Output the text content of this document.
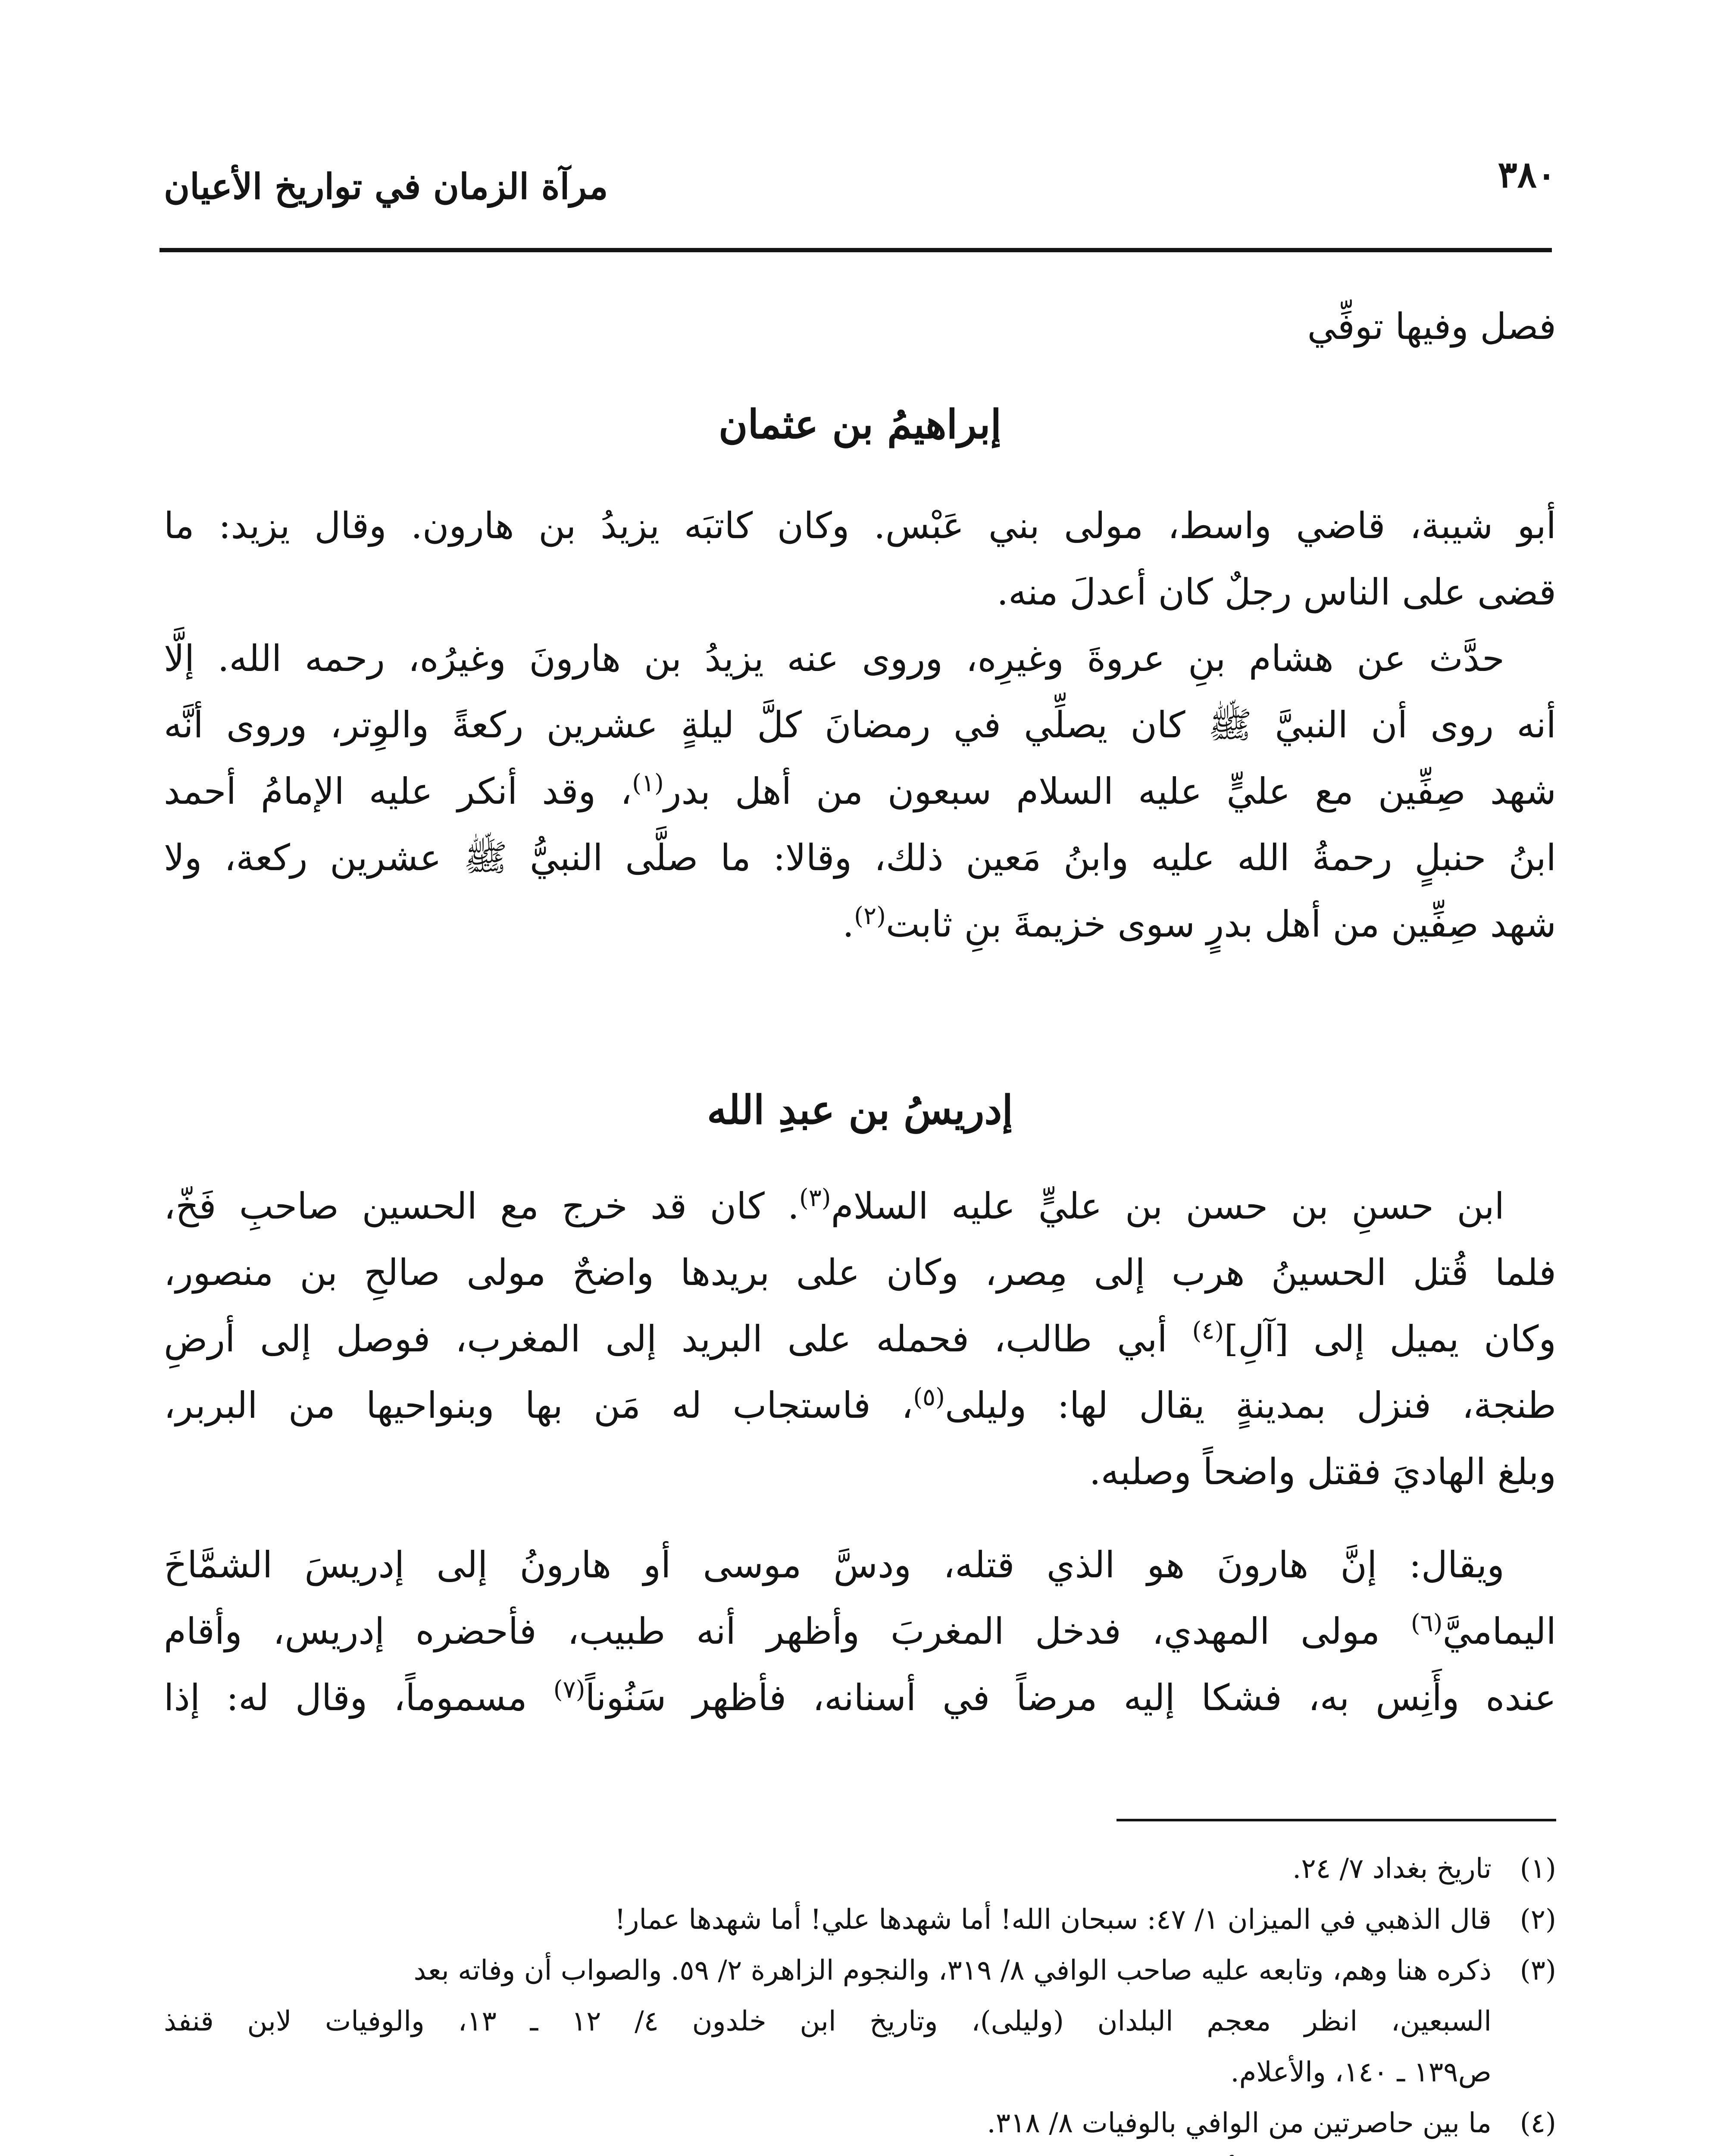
٣٨٠
مرآة الزمان في تواريخ الأعيان
فصل وفيها توفِّي
إبراهيمُ بن عثمان
أبو شيبة، قاضي واسط، مولى بني عَبْس. وكان كاتبَه يزيدُ بن هارون. وقال يزيد: ما
قضى على الناس رجلٌ كان أعدلَ منه.
حدَّث عن هشام بنِ عروةَ وغيرِه، وروى عنه يزيدُ بن هارونَ وغيرُه، رحمه الله. إلَّا
أنه روى أن النبيَّ ﷺ كان يصلِّي في رمضانَ كلَّ ليلةٍ عشرين ركعةً والوِتر، وروى أنَّه
شهد صِفِّين مع عليٍّ عليه السلام سبعون من أهل بدر$^{(١)}$، وقد أنكر عليه الإمامُ أحمد
ابنُ حنبلٍ رحمةُ الله عليه وابنُ مَعين ذلك، وقالا: ما صلَّى النبيُّ ﷺ عشرين ركعة، ولا
شهد صِفِّين من أهل بدرٍ سوى خزيمةَ بنِ ثابت$^{(٢)}$.
إدريسُ بن عبدِ الله
ابن حسنِ بن حسن بن عليٍّ عليه السلام$^{(٣)}$. كان قد خرج مع الحسين صاحبِ فَخّ،
فلما قُتل الحسينُ هرب إلى مِصر، وكان على بريدها واضحٌ مولى صالحِ بن منصور،
وكان يميل إلى [آلِ]$^{(٤)}$ أبي طالب، فحمله على البريد إلى المغرب، فوصل إلى أرضِ
طنجة، فنزل بمدينةٍ يقال لها: وليلى$^{(٥)}$، فاستجاب له مَن بها وبنواحيها من البربر،
وبلغ الهاديَ فقتل واضحاً وصلبه.
ويقال: إنَّ هارونَ هو الذي قتله، ودسَّ موسى أو هارونُ إلى إدريسَ الشمَّاخَ
اليماميَّ$^{(٦)}$ مولى المهدي، فدخل المغربَ وأظهر أنه طبيب، فأحضره إدريس، وأقام
عنده وأَنِس به، فشكا إليه مرضاً في أسنانه، فأظهر سَنُوناً$^{(٧)}$ مسموماً، وقال له: إذا
(١)تاريخ بغداد ٧/ ٢٤.
(٢)قال الذهبي في الميزان ١/ ٤٧: سبحان الله! أما شهدها علي! أما شهدها عمار!
(٣)ذكره هنا وهم، وتابعه عليه صاحب الوافي ٨/ ٣١٩، والنجوم الزاهرة ٢/ ٥٩. والصواب أن وفاته بعد
السبعين، انظر معجم البلدان (وليلى)، وتاريخ ابن خلدون ٤/ ١٢ ـ ١٣، والوفيات لابن قنفذ
ص١٣٩ ـ ١٤٠، والأعلام.
(٤)ما بين حاصرتين من الوافي بالوفيات ٨/ ٣١٨.
